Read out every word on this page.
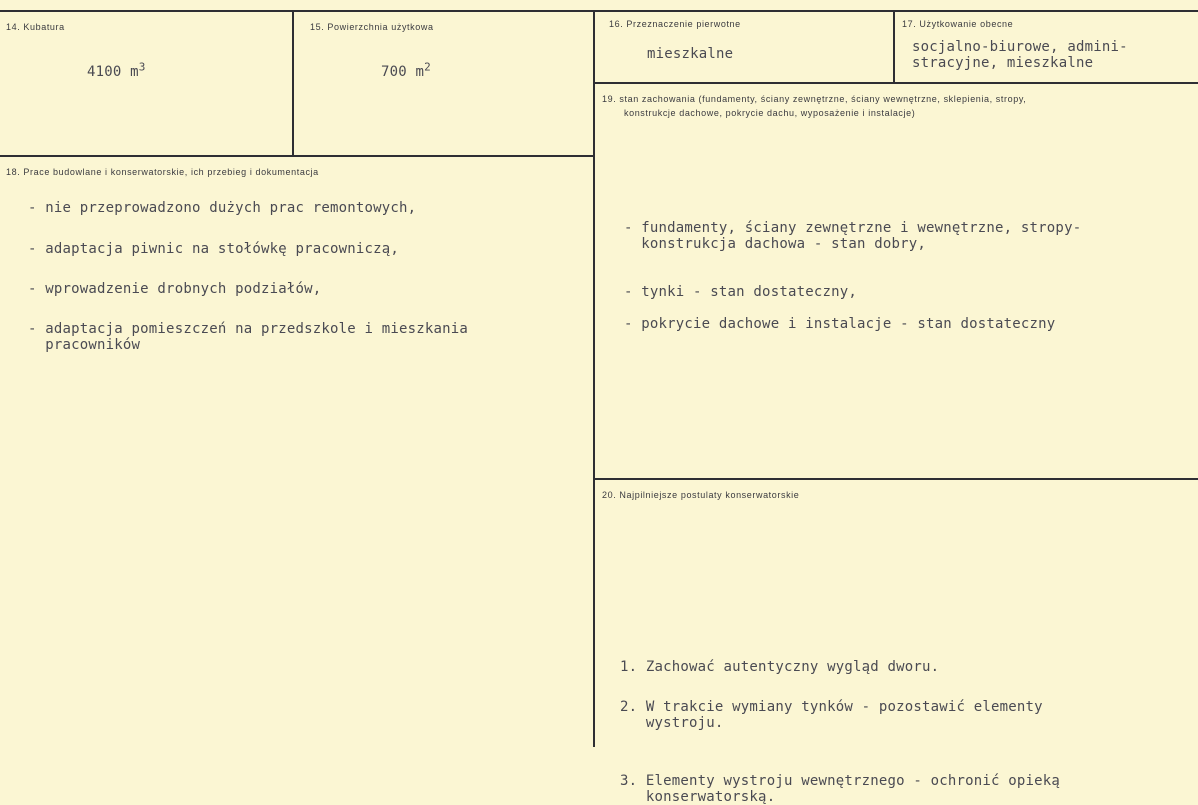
14. Kubatura
4100 $m^3$
15. Powierzchnia użytkowa
700 $m^2$
16. Przeznaczenie pierwotne
mieszkalne
17. Użytkowanie obecne
socjalno-biurowe, admini-
stracyjne, mieszkalne
18. Prace budowlane i konserwatorskie, ich przebieg i dokumentacja
- nie przeprowadzono dużych prac remontowych,
- adaptacja piwnic na stołówkę pracowniczą,
- wprowadzenie drobnych podziałów,
- adaptacja pomieszczeń na przedszkole i mieszkania
pracowników
19. stan zachowania (fundamenty, ściany zewnętrzne, ściany wewnętrzne, sklepienia, stropy,
konstrukcje dachowe, pokrycie dachu, wyposażenie i instalacje)
- fundamenty, ściany zewnętrzne i wewnętrzne, stropy-
konstrukcja dachowa - stan dobry,
- tynki - stan dostateczny,
- pokrycie dachowe i instalacje - stan dostateczny
20. Najpilniejsze postulaty konserwatorskie
1. Zachować autentyczny wygląd dworu.
2. W trakcie wymiany tynków - pozostawić elementy
wystroju.
3. Elementy wystroju wewnętrznego - ochronić opieką
konserwatorską.
